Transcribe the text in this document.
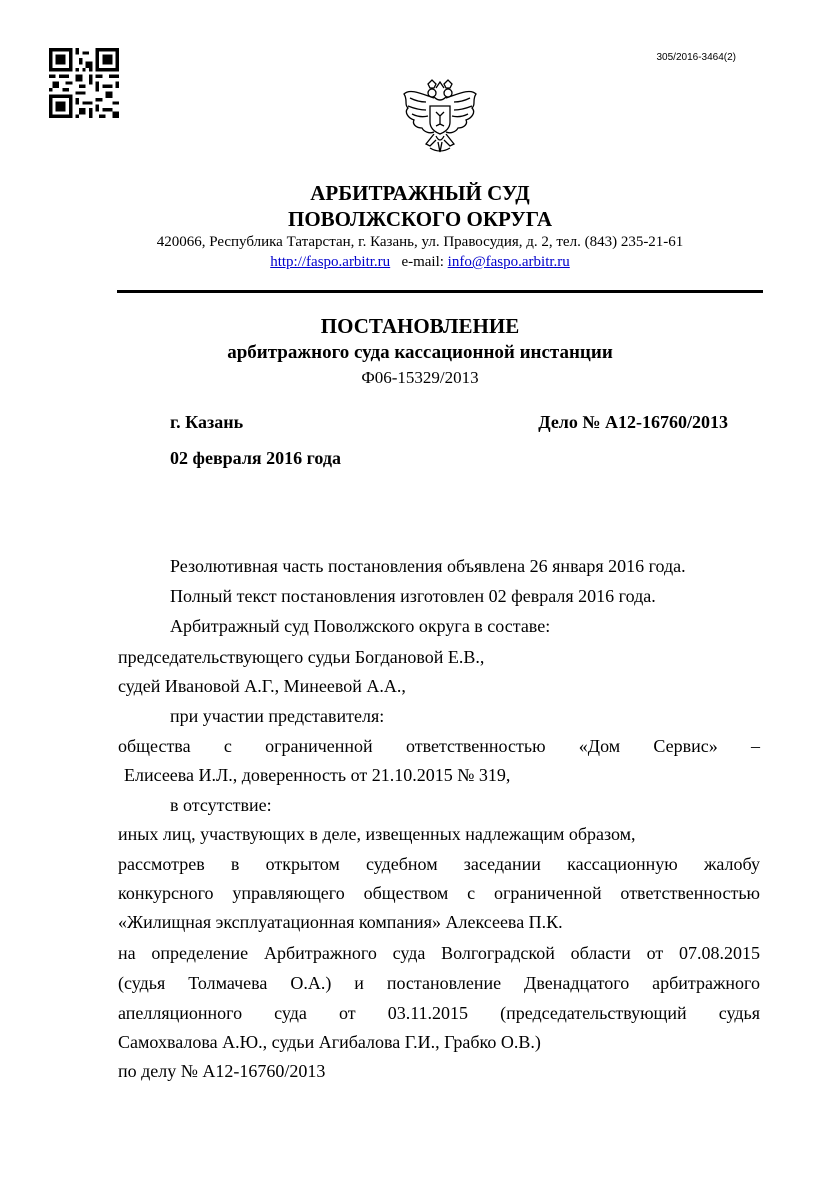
305/2016-3464(2)
АРБИТРАЖНЫЙ СУД
ПОВОЛЖСКОГО ОКРУГА
420066, Республика Татарстан, г. Казань, ул. Правосудия, д. 2, тел. (843) 235-21-61
http://faspo.arbitr.ru e-mail: info@faspo.arbitr.ru
ПОСТАНОВЛЕНИЕ
арбитражного суда кассационной инстанции
Ф06-15329/2013
г. Казань	Дело № А12-16760/2013
02 февраля 2016 года
Резолютивная часть постановления объявлена 26 января 2016 года.
Полный текст постановления изготовлен 02 февраля 2016 года.
Арбитражный суд Поволжского округа в составе:
председательствующего судьи Богдановой Е.В.,
судей Ивановой А.Г., Минеевой А.А.,
при участии представителя:
общества с ограниченной ответственностью «Дом Сервис» –
Елисеева И.Л., доверенность от 21.10.2015 № 319,
в отсутствие:
иных лиц, участвующих в деле, извещенных надлежащим образом,
рассмотрев в открытом судебном заседании кассационную жалобу
конкурсного управляющего обществом с ограниченной ответственностью
«Жилищная эксплуатационная компания» Алексеева П.К.
на определение Арбитражного суда Волгоградской области от 07.08.2015
(судья Толмачева О.А.) и постановление Двенадцатого арбитражного
апелляционного суда от 03.11.2015 (председательствующий судья
Самохвалова А.Ю., судьи Агибалова Г.И., Грабко О.В.)
по делу № А12-16760/2013
